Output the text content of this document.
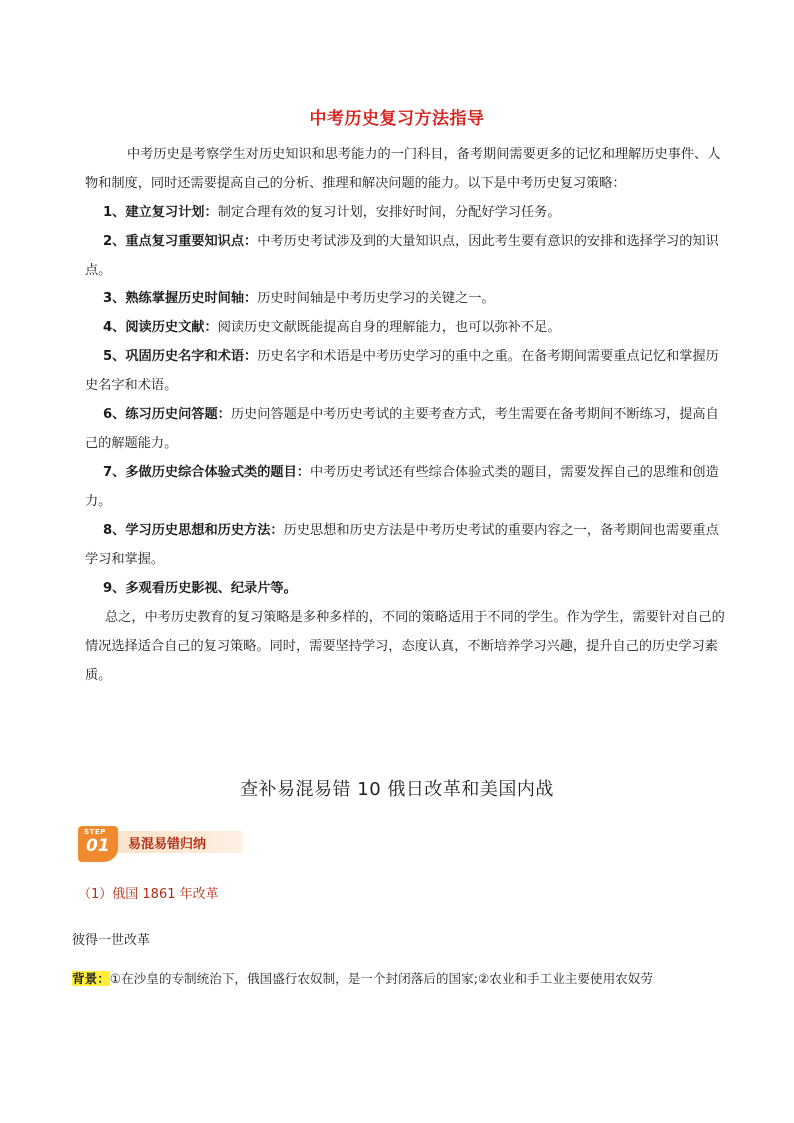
中考历史复习方法指导
中考历史是考察学生对历史知识和思考能力的一门科目，备考期间需要更多的记忆和理解历史事件、人物和制度，同时还需要提高自己的分析、推理和解决问题的能力。以下是中考历史复习策略：
1、建立复习计划：制定合理有效的复习计划，安排好时间，分配好学习任务。
2、重点复习重要知识点：中考历史考试涉及到的大量知识点，因此考生要有意识的安排和选择学习的知识点。
3、熟练掌握历史时间轴：历史时间轴是中考历史学习的关键之一。
4、阅读历史文献：阅读历史文献既能提高自身的理解能力，也可以弥补不足。
5、巩固历史名字和术语：历史名字和术语是中考历史学习的重中之重。在备考期间需要重点记忆和掌握历史名字和术语。
6、练习历史问答题：历史问答题是中考历史考试的主要考查方式，考生需要在备考期间不断练习，提高自己的解题能力。
7、多做历史综合体验式类的题目：中考历史考试还有些综合体验式类的题目，需要发挥自己的思维和创造力。
8、学习历史思想和历史方法：历史思想和历史方法是中考历史考试的重要内容之一，备考期间也需要重点学习和掌握。
9、多观看历史影视、纪录片等。
总之，中考历史教育的复习策略是多种多样的，不同的策略适用于不同的学生。作为学生，需要针对自己的情况选择适合自己的复习策略。同时，需要坚持学习，态度认真，不断培养学习兴趣，提升自己的历史学习素质。
查补易混易错 10 俄日改革和美国内战
STEP
01 易混易错归纳
（1）俄国 1861 年改革
彼得一世改革
背景：①在沙皇的专制统治下，俄国盛行农奴制，是一个封闭落后的国家;②农业和手工业主要使用农奴劳
